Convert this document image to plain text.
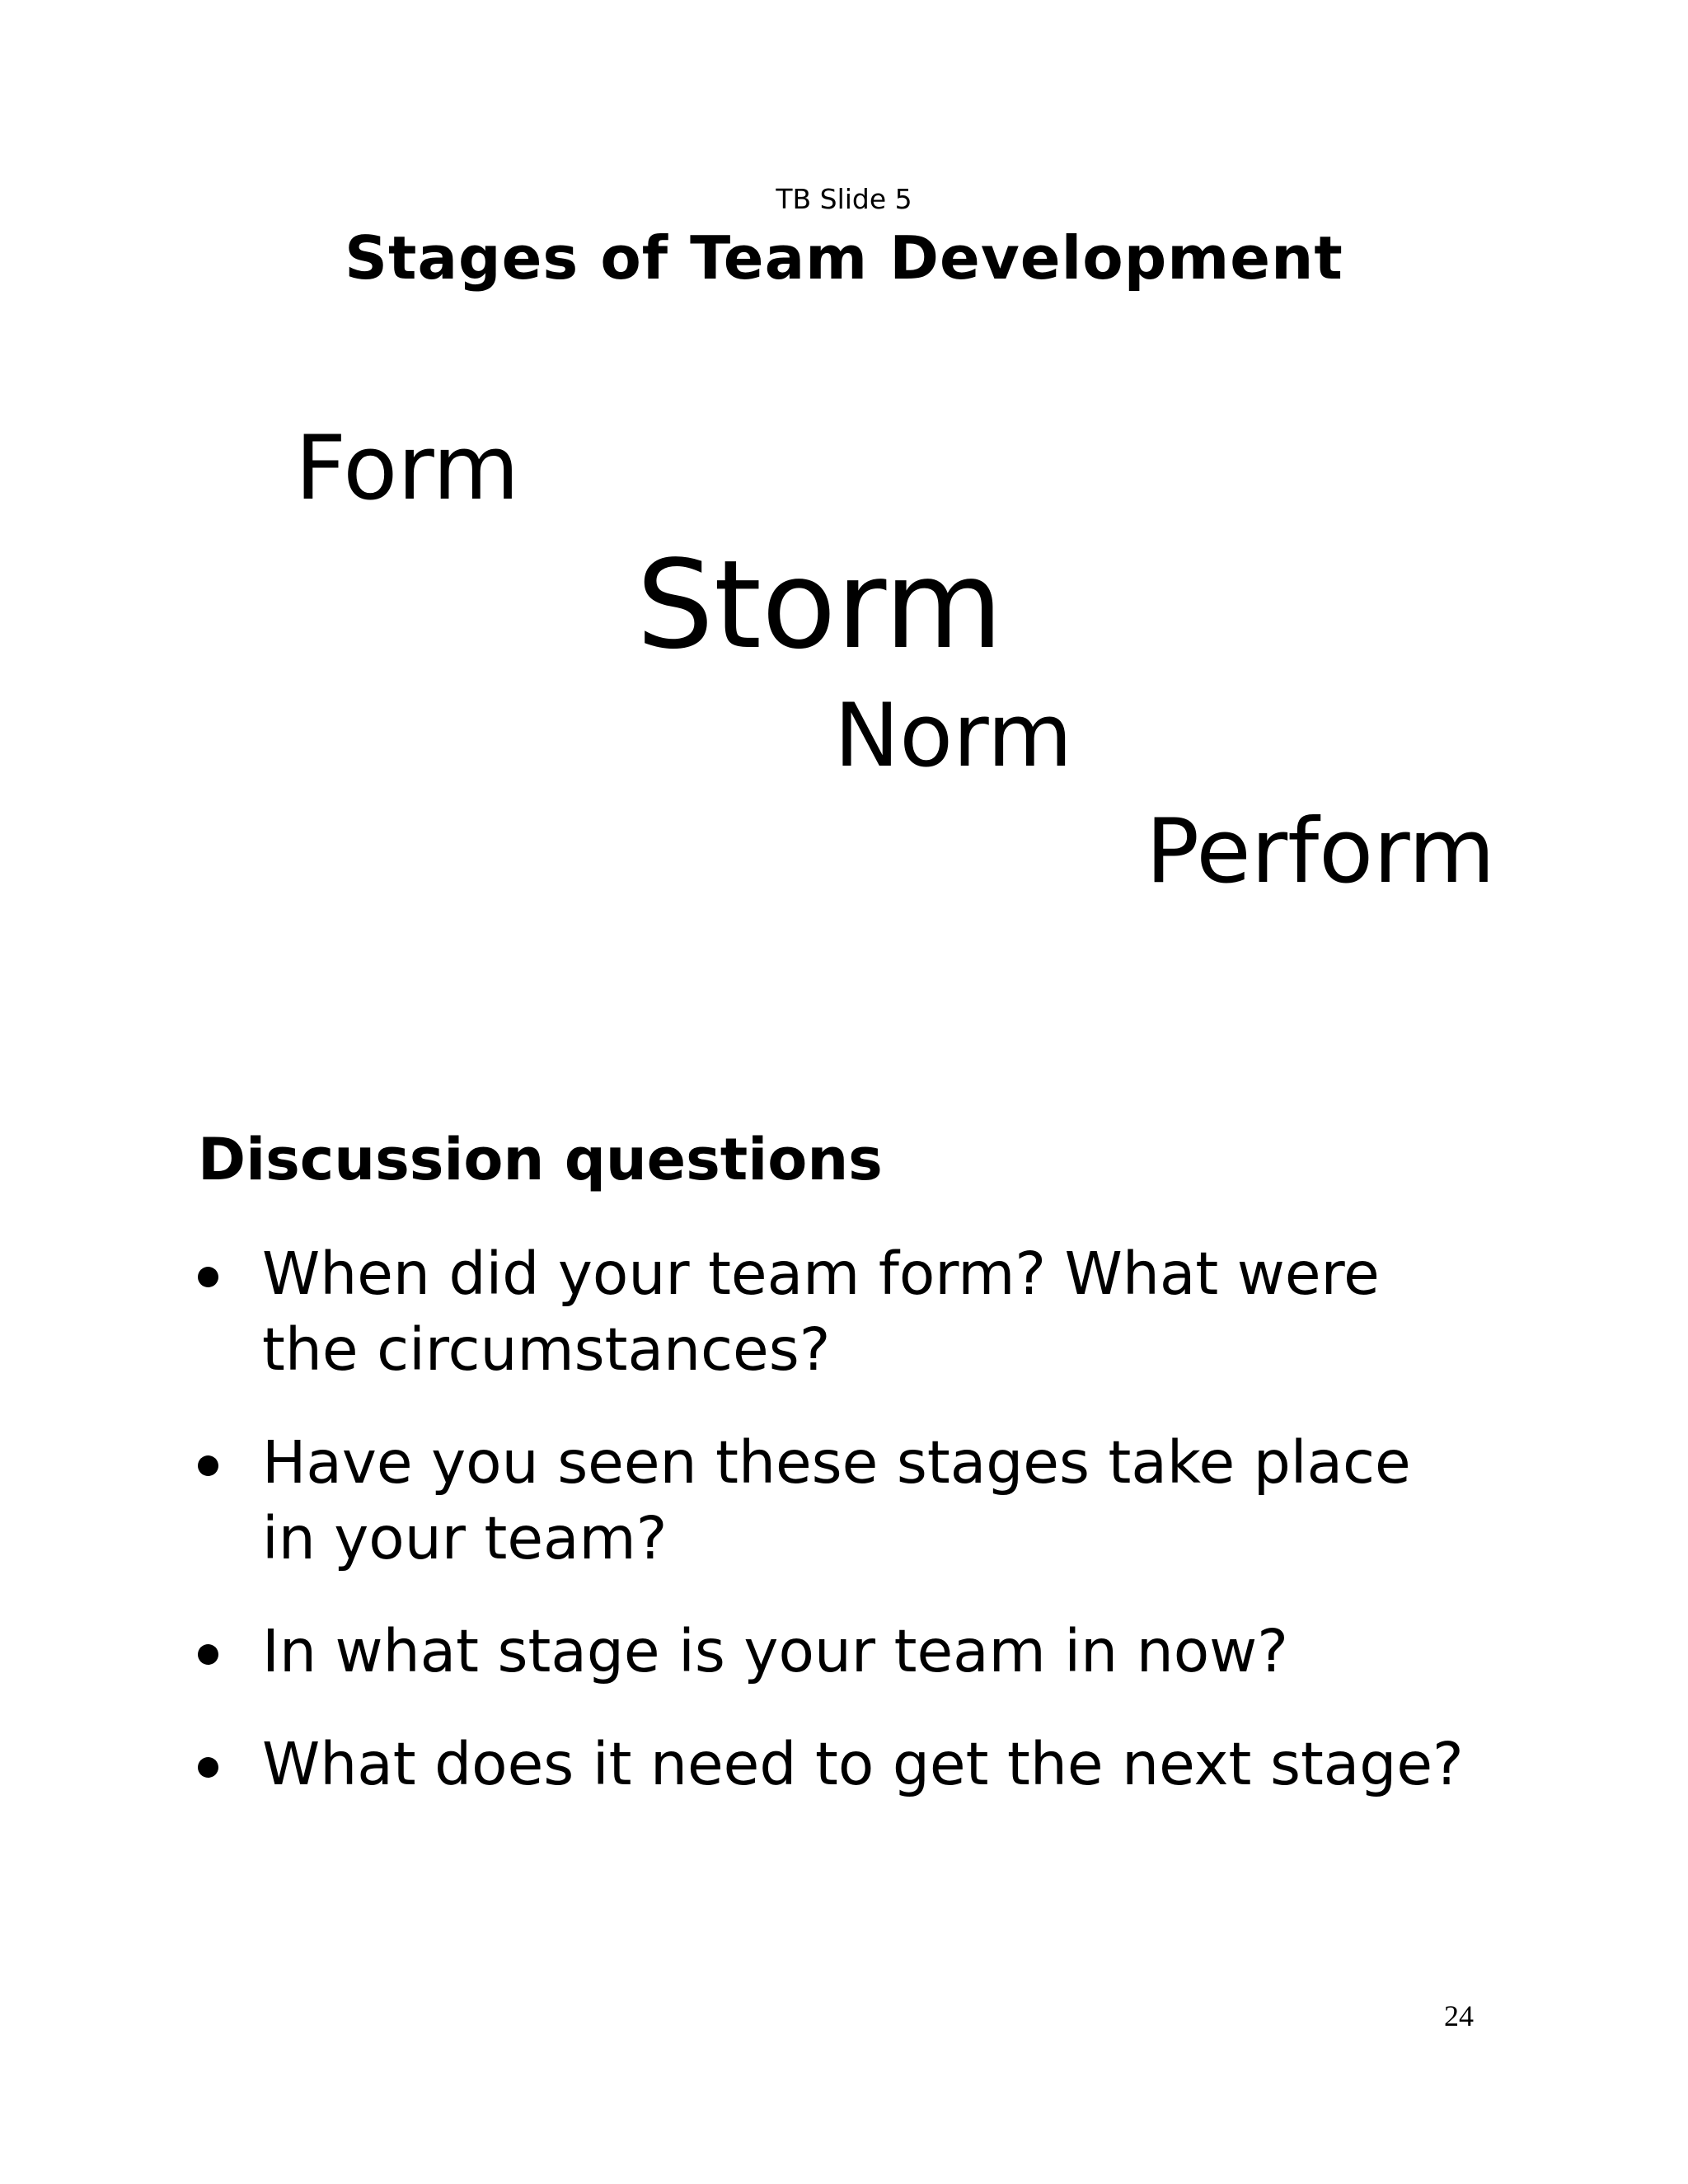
TB Slide 5
Stages of Team Development
Form
Storm
Norm
Perform
Discussion questions
When did your team form? What were the circumstances?
Have you seen these stages take place in your team?
In what stage is your team in now?
What does it need to get the next stage?
24
